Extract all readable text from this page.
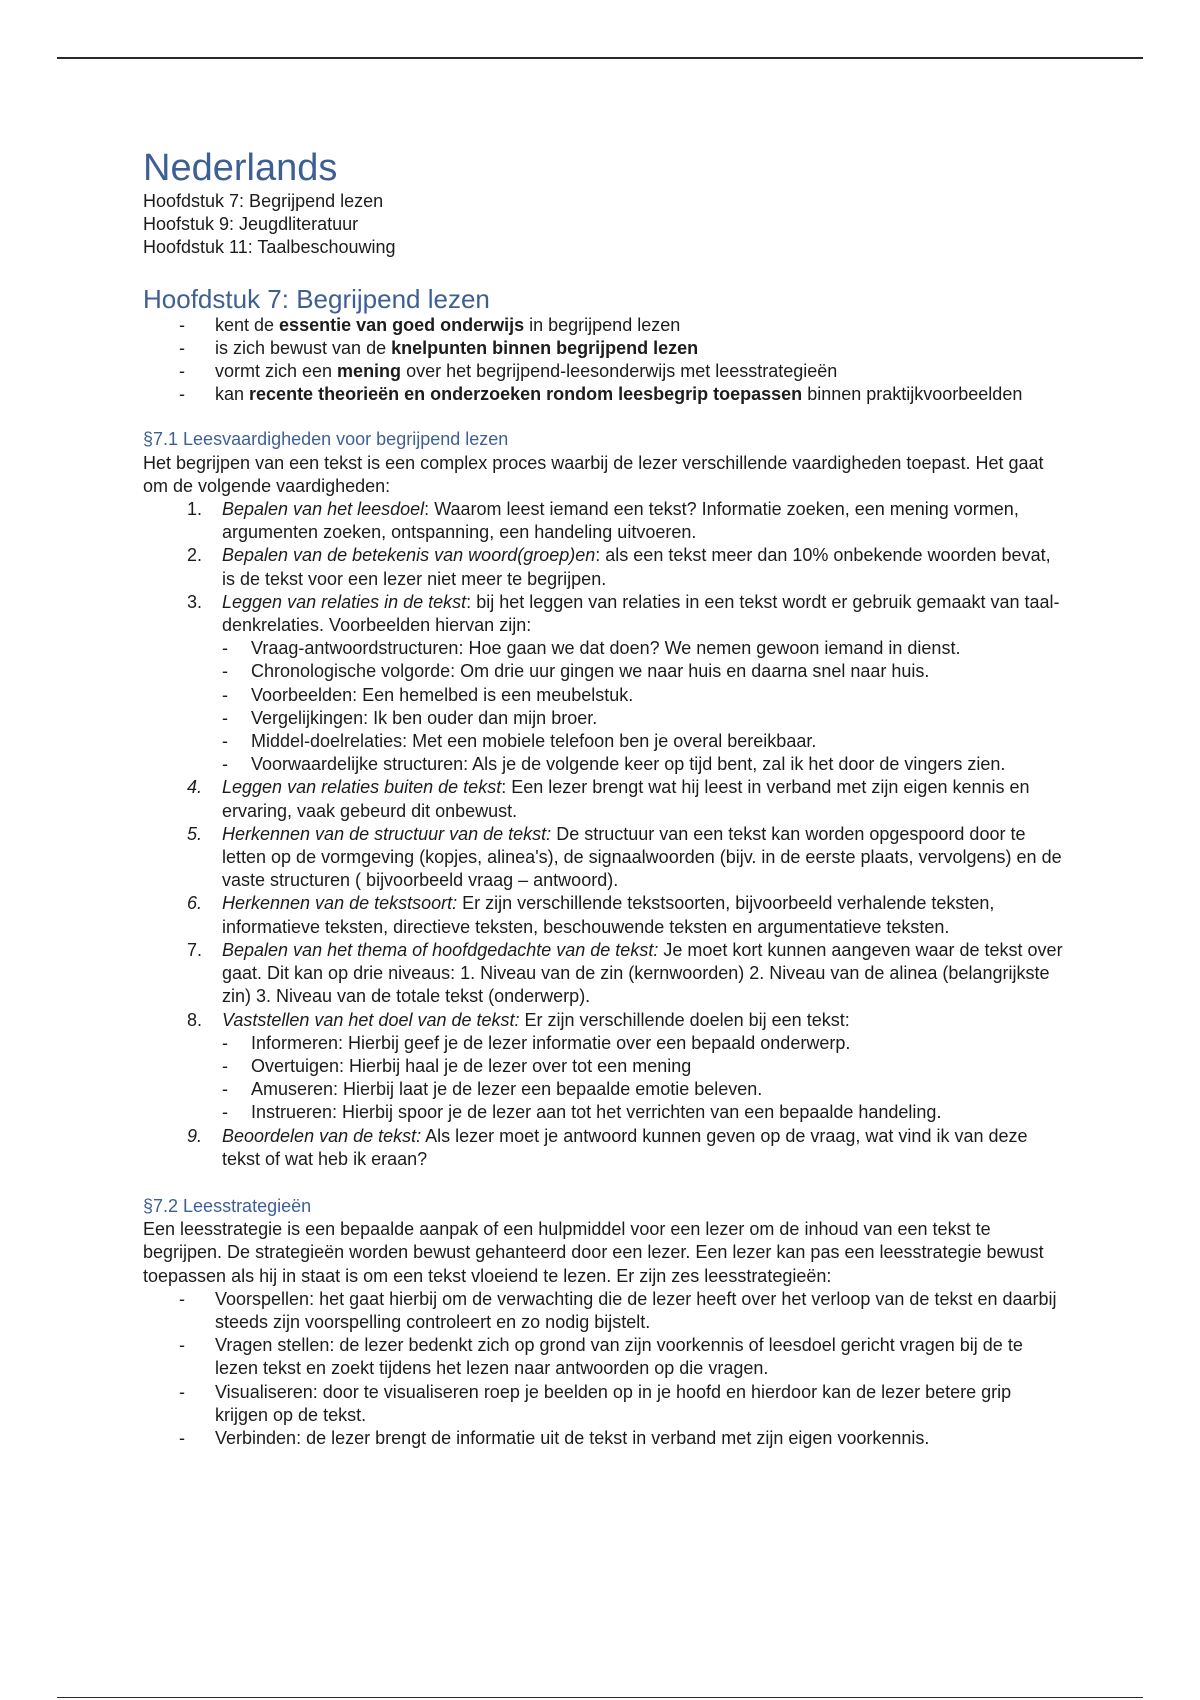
Nederlands

Hoofdstuk 7: Begrijpend lezen

Hoofstuk 9: Jeugdliteratuur

Hoofdstuk 11: Taalbeschouwing

Hoofdstuk 7: Begrijpend lezen
- kent de essentie van goed onderwijs in begrijpend lezen
- is zich bewust van de knelpunten binnen begrijpend lezen
- vormt zich een mening over het begrijpend-leesonderwijs met leesstrategieën
- kan recente theorieën en onderzoeken rondom leesbegrip toepassen binnen praktijkvoorbeelden
§7.1 Leesvaardigheden voor begrijpend lezen

Het begrijpen van een tekst is een complex proces waarbij de lezer verschillende vaardigheden toepast. Het gaat om de volgende vaardigheden:

1. Bepalen van het leesdoel: Waarom leest iemand een tekst? Informatie zoeken, een mening vormen, argumenten zoeken, ontspanning, een handeling uitvoeren.
2. Bepalen van de betekenis van woord(groep)en: als een tekst meer dan 10% onbekende woorden bevat, is de tekst voor een lezer niet meer te begrijpen.
3. Leggen van relaties in de tekst: bij het leggen van relaties in een tekst wordt er gebruik gemaakt van taal-denkrelaties. Voorbeelden hiervan zijn:
- Vraag-antwoordstructuren: Hoe gaan we dat doen? We nemen gewoon iemand in dienst.
- Chronologische volgorde: Om drie uur gingen we naar huis en daarna snel naar huis.
- Voorbeelden: Een hemelbed is een meubelstuk.
- Vergelijkingen: Ik ben ouder dan mijn broer.
- Middel-doelrelaties: Met een mobiele telefoon ben je overal bereikbaar.
- Voorwaardelijke structuren: Als je de volgende keer op tijd bent, zal ik het door de vingers zien.
4. Leggen van relaties buiten de tekst: Een lezer brengt wat hij leest in verband met zijn eigen kennis en ervaring, vaak gebeurd dit onbewust.
5. Herkennen van de structuur van de tekst: De structuur van een tekst kan worden opgespoord door te letten op de vormgeving (kopjes, alinea's), de signaalwoorden (bijv. in de eerste plaats, vervolgens) en de vaste structuren ( bijvoorbeeld vraag – antwoord).
6. Herkennen van de tekstsoort: Er zijn verschillende tekstsoorten, bijvoorbeeld verhalende teksten, informatieve teksten, directieve teksten, beschouwende teksten en argumentatieve teksten.
7. Bepalen van het thema of hoofdgedachte van de tekst: Je moet kort kunnen aangeven waar de tekst over gaat. Dit kan op drie niveaus: 1. Niveau van de zin (kernwoorden) 2. Niveau van de alinea (belangrijkste zin) 3. Niveau van de totale tekst (onderwerp).
8. Vaststellen van het doel van de tekst: Er zijn verschillende doelen bij een tekst:
- Informeren: Hierbij geef je de lezer informatie over een bepaald onderwerp.
- Overtuigen: Hierbij haal je de lezer over tot een mening
- Amuseren: Hierbij laat je de lezer een bepaalde emotie beleven.
- Instrueren: Hierbij spoor je de lezer aan tot het verrichten van een bepaalde handeling.
9. Beoordelen van de tekst: Als lezer moet je antwoord kunnen geven op de vraag, wat vind ik van deze tekst of wat heb ik eraan?
§7.2 Leesstrategieën

Een leesstrategie is een bepaalde aanpak of een hulpmiddel voor een lezer om de inhoud van een tekst te begrijpen. De strategieën worden bewust gehanteerd door een lezer. Een lezer kan pas een leesstrategie bewust toepassen als hij in staat is om een tekst vloeiend te lezen. Er zijn zes leesstrategieën:

- Voorspellen: het gaat hierbij om de verwachting die de lezer heeft over het verloop van de tekst en daarbij steeds zijn voorspelling controleert en zo nodig bijstelt.
- Vragen stellen: de lezer bedenkt zich op grond van zijn voorkennis of leesdoel gericht vragen bij de te lezen tekst en zoekt tijdens het lezen naar antwoorden op die vragen.
- Visualiseren: door te visualiseren roep je beelden op in je hoofd en hierdoor kan de lezer betere grip krijgen op de tekst.
- Verbinden: de lezer brengt de informatie uit de tekst in verband met zijn eigen voorkennis.
